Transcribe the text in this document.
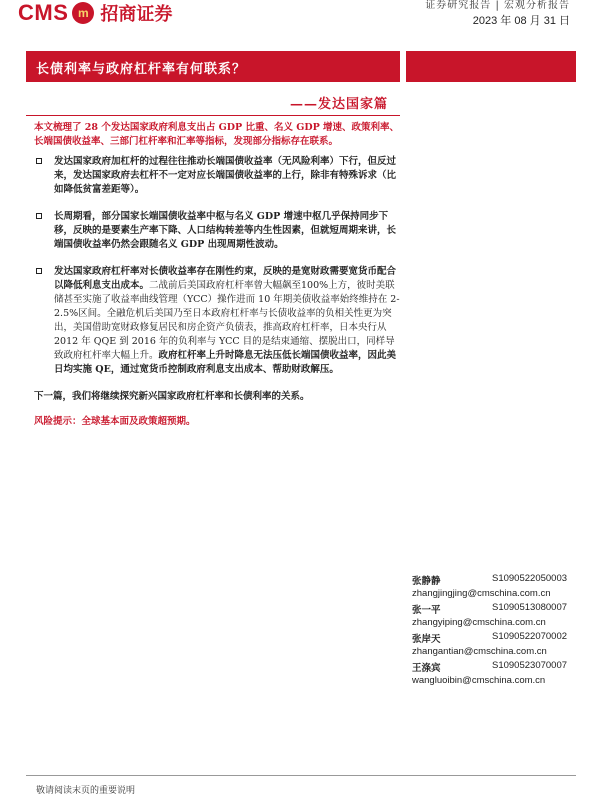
CMS m 招商证券	证券研究报告 | 宏观分析报告
2023 年 08 月 31 日
长债利率与政府杠杆率有何联系？
——发达国家篇

本文梳理了 28 个发达国家政府利息支出占 GDP 比重、名义 GDP 增速、政策利率、长端国债收益率、三部门杠杆率和汇率等指标，发现部分指标存在联系。

发达国家政府加杠杆的过程往往推动长端国债收益率（无风险利率）下行，但反过来，发达国家政府去杠杆不一定对应长端国债收益率的上行，除非有特殊诉求（比如降低贫富差距等）。
长周期看，部分国家长端国债收益率中枢与名义 GDP 增速中枢几乎保持同步下移，反映的是要素生产率下降、人口结构转差等内生性因素，但就短周期来讲，长端国债收益率仍然会跟随名义 GDP 出现周期性波动。
发达国家政府杠杆率对长债收益率存在刚性约束，反映的是宽财政需要宽货币配合以降低利息支出成本。二战前后美国政府杠杆率曾大幅飙至100%上方，彼时美联储甚至实施了收益率曲线管理（YCC）操作进而 10 年期美债收益率始终维持在 2-2.5%区间。全融危机后美国乃至日本政府杠杆率与长债收益率的负相关性更为突出，美国借助宽财政修复居民和房企资产负债表，推高政府杠杆率，日本央行从 2012 年 QQE 到 2016 年的负利率与 YCC 目的是结束通缩、摆脱出口，同样导致政府杠杆率大幅上升。政府杠杆率上升时降息无法压低长端国债收益率，因此美日均实施 QE，通过宽货币控制政府利息支出成本、帮助财政解压。

下一篇，我们将继续探究新兴国家政府杠杆率和长债利率的关系。

风险提示：全球基本面及政策超预期。

张静静	S1090522050003
zhangjingjing@cmschina.com.cn
张一平	S1090513080007
zhangyiping@cmschina.com.cn
张岸天	S1090522070002
zhangantian@cmschina.com.cn
王涤宾	S1090523070007
wangluoibin@cmschina.com.cn
敬请阅读末页的重要说明
